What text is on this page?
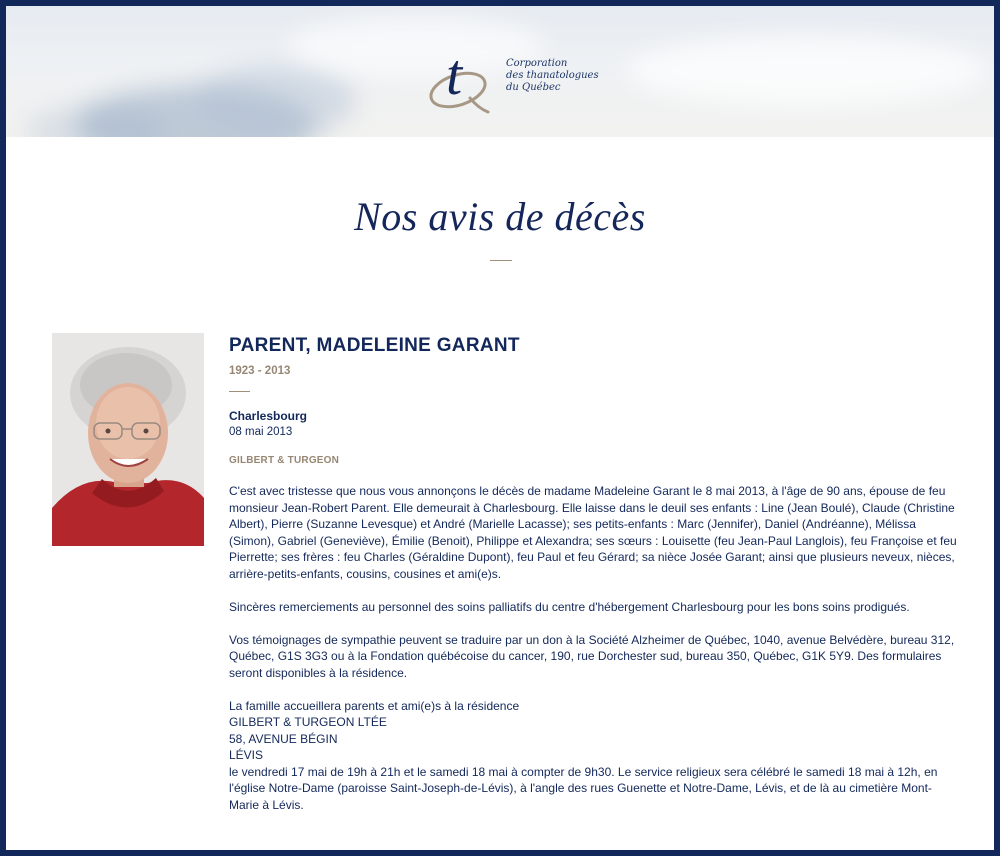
t	Corporation
des thanatologues
du Québec
Nos avis de décès
PARENT, MADELEINE GARANT
1923 - 2013
Charlesbourg
08 mai 2013
GILBERT & TURGEON

C'est avec tristesse que nous vous annonçons le décès de madame Madeleine Garant le 8 mai 2013, à l'âge de 90 ans, épouse de feu monsieur Jean-Robert Parent. Elle demeurait à Charlesbourg. Elle laisse dans le deuil ses enfants : Line (Jean Boulé), Claude (Christine Albert), Pierre (Suzanne Levesque) et André (Marielle Lacasse); ses petits-enfants : Marc (Jennifer), Daniel (Andréanne), Mélissa (Simon), Gabriel (Geneviève), Émilie (Benoit), Philippe et Alexandra; ses sœurs : Louisette (feu Jean-Paul Langlois), feu Françoise et feu Pierrette; ses frères : feu Charles (Géraldine Dupont), feu Paul et feu Gérard; sa nièce Josée Garant; ainsi que plusieurs neveux, nièces, arrière-petits-enfants, cousins, cousines et ami(e)s.

Sincères remerciements au personnel des soins palliatifs du centre d'hébergement Charlesbourg pour les bons soins prodigués.

Vos témoignages de sympathie peuvent se traduire par un don à la Société Alzheimer de Québec, 1040, avenue Belvédère, bureau 312, Québec, G1S 3G3 ou à la Fondation québécoise du cancer, 190, rue Dorchester sud, bureau 350, Québec, G1K 5Y9. Des formulaires seront disponibles à la résidence.

La famille accueillera parents et ami(e)s à la résidence
GILBERT & TURGEON LTÉE
58, AVENUE BÉGIN
LÉVIS
le vendredi 17 mai de 19h à 21h et le samedi 18 mai à compter de 9h30. Le service religieux sera célébré le samedi 18 mai à 12h, en l'église Notre-Dame (paroisse Saint-Joseph-de-Lévis), à l'angle des rues Guenette et Notre-Dame, Lévis, et de là au cimetière Mont-Marie à Lévis.
